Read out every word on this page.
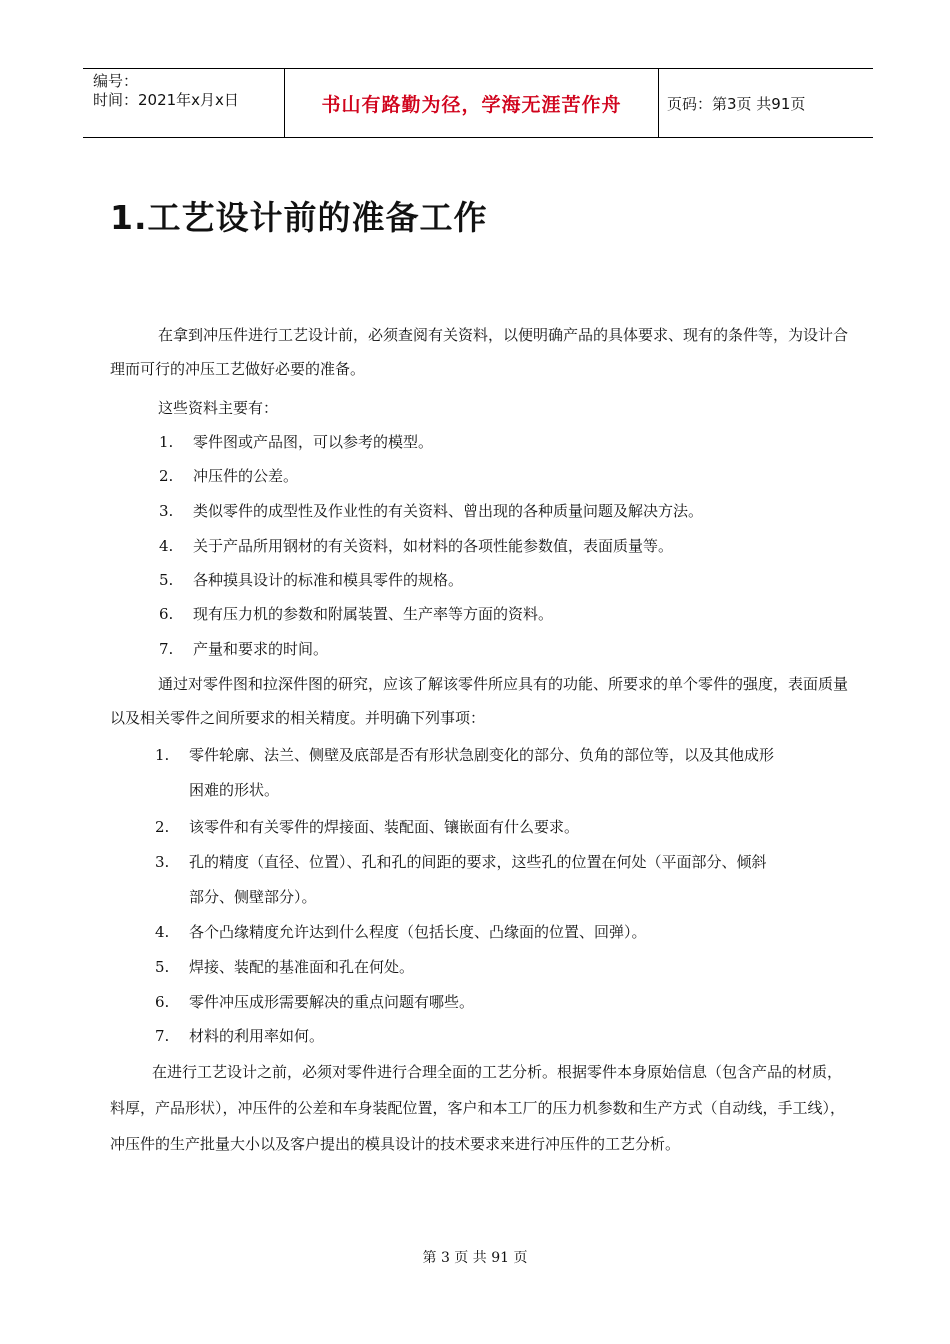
编号：
时间：2021年x月x日	书山有路勤为径，学海无涯苦作舟	页码：第3页 共91页
1.工艺设计前的准备工作
在拿到冲压件进行工艺设计前，必须查阅有关资料，以便明确产品的具体要求、现有的条件等，为设计合理而可行的冲压工艺做好必要的准备。
这些资料主要有：
1. 零件图或产品图，可以参考的模型。
2. 冲压件的公差。
3. 类似零件的成型性及作业性的有关资料、曾出现的各种质量问题及解决方法。
4. 关于产品所用钢材的有关资料，如材料的各项性能参数值，表面质量等。
5. 各种摸具设计的标准和模具零件的规格。
6. 现有压力机的参数和附属装置、生产率等方面的资料。
7. 产量和要求的时间。
通过对零件图和拉深件图的研究，应该了解该零件所应具有的功能、所要求的单个零件的强度，表面质量以及相关零件之间所要求的相关精度。并明确下列事项：
1. 零件轮廓、法兰、侧壁及底部是否有形状急剧变化的部分、负角的部位等，以及其他成形
困难的形状。
2. 该零件和有关零件的焊接面、装配面、镶嵌面有什么要求。
3. 孔的精度（直径、位置）、孔和孔的间距的要求，这些孔的位置在何处（平面部分、倾斜
部分、侧壁部分）。
4. 各个凸缘精度允许达到什么程度（包括长度、凸缘面的位置、回弹）。
5. 焊接、装配的基准面和孔在何处。
6. 零件冲压成形需要解决的重点问题有哪些。
7. 材料的利用率如何。
在进行工艺设计之前，必须对零件进行合理全面的工艺分析。根据零件本身原始信息（包含产品的材质，料厚，产品形状），冲压件的公差和车身装配位置，客户和本工厂的压力机参数和生产方式（自动线，手工线），冲压件的生产批量大小以及客户提出的模具设计的技术要求来进行冲压件的工艺分析。
第 3 页 共 91 页
